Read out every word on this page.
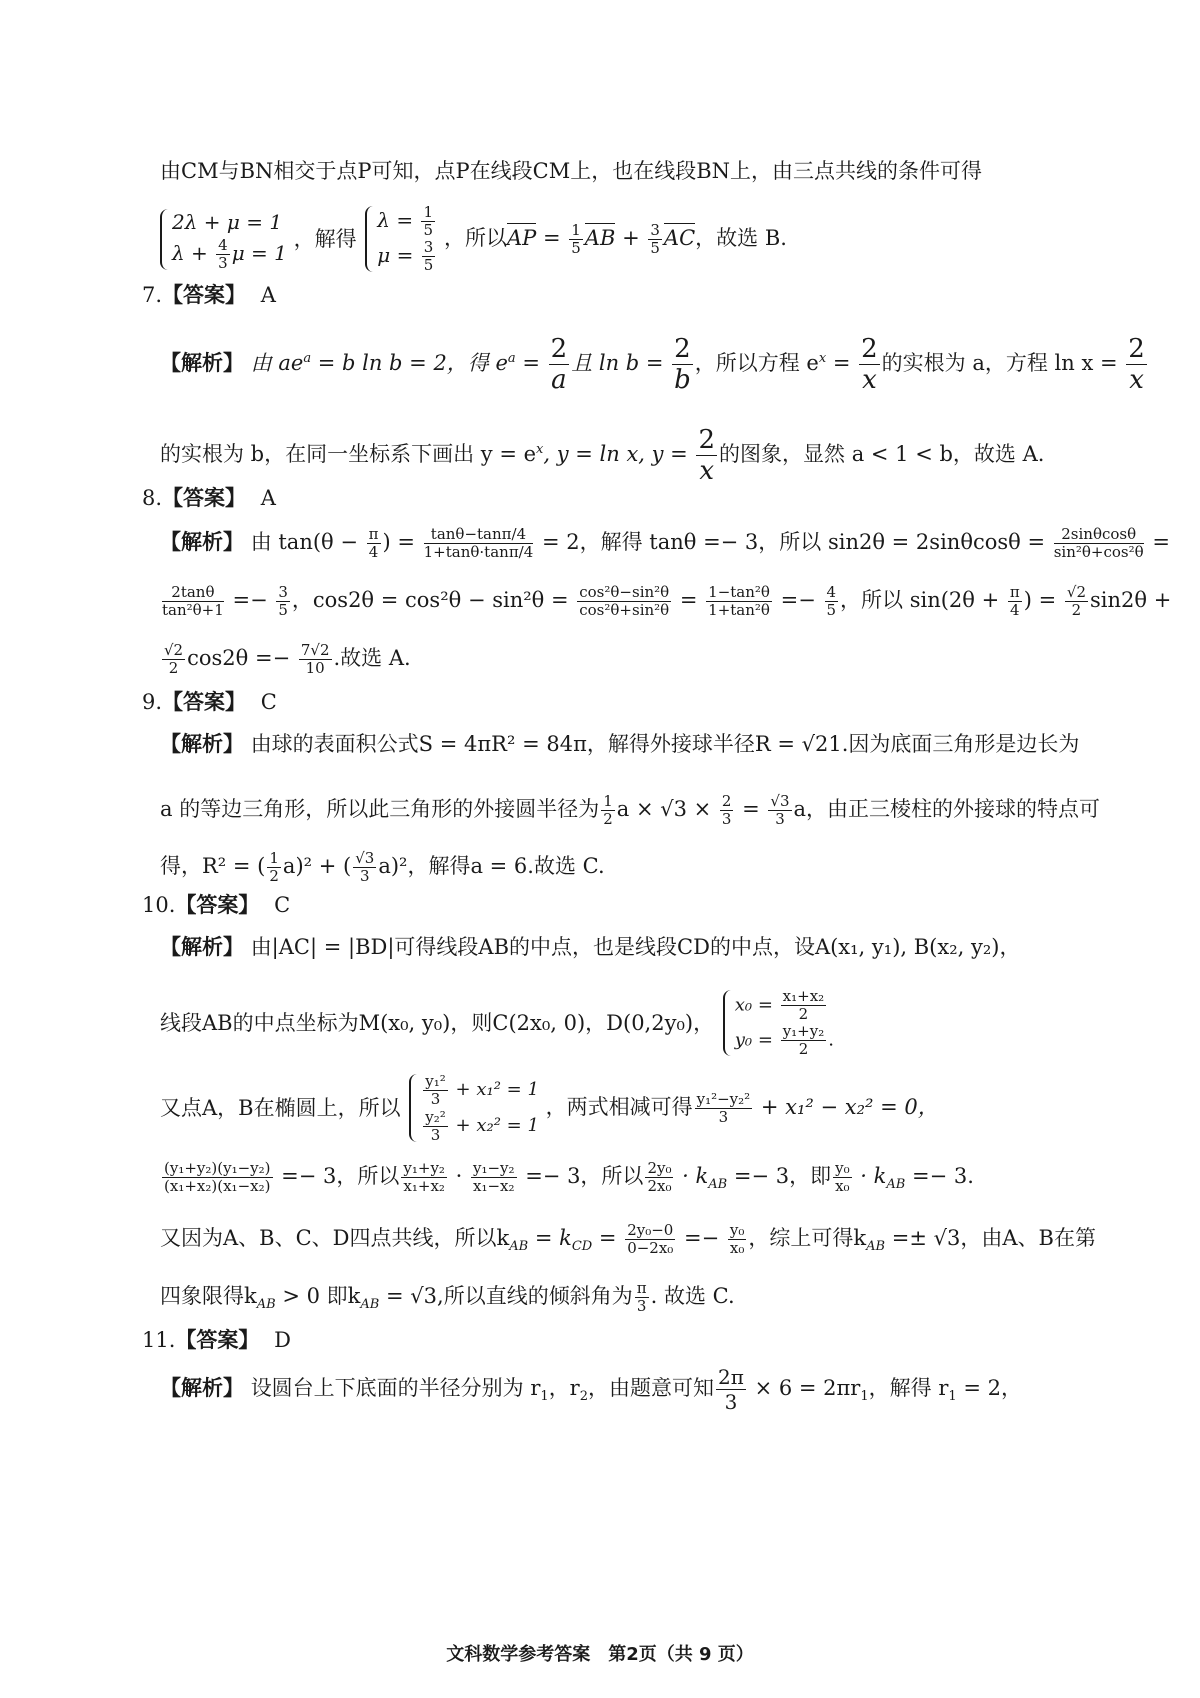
由CM与BN相交于点P可知，点P在线段CM上，也在线段BN上，由三点共线的条件可得
2λ + μ = 1
$\lambda + \frac{4}{3}$ μ = 1
，解得
$\lambda = \frac{1}{5}$
$\mu = \frac{3}{5}$
，所以AP = $\frac{1}{5}$ AB + $\frac{3}{5}$ AC，故选 B.
7.【答案】 A
【解析】 由 $ae^a = b$ ln b = 2，得 $e^a = \frac{2}{a}$且 $\ln b = \frac{2}{b}$，所以方程 $e^x = \frac{2}{x}$的实根为 a，方程 $\ln x = \frac{2}{x}$
的实根为 b，在同一坐标系下画出 $y = e^x$, y = ln x, $y = \frac{2}{x}$的图象，显然 a < 1 < b，故选 A.
8.【答案】 A
【解析】 由 $\tan(\theta - \frac{\pi}{4}$ ) = $\frac{\tan\theta-\tan\pi/4}{1+\tan\theta\cdot\tan\pi/4} = 2$，解得 tanθ =− 3，所以 $\sin 2\theta = 2\sin\theta\cos\theta = \frac{2\sin\theta\cos\theta}{\text{sin²θ+cos²θ}}$ =
$\frac{2\tan\theta}{\text{tan²θ+1}} =- \frac{3}{5}$ ，$\cos 2\theta = \cos^2\theta - \sin^2\theta = \frac{\text{cos²θ−sin²θ}}{\text{cos²θ+sin²θ}} = \frac{\text{1−tan²θ}}{\text{1+tan²θ}} =- \frac{4}{5}$ ，所以 $\sin(2\theta + \frac{\pi}{4}$ ) = $\frac{√2}{2} \sin 2\theta$ +
$\frac{√2}{2} \cos 2\theta =- \frac{7√2}{10}$ .故选 A.
9.【答案】 C
【解析】 由球的表面积公式S = 4πR² = 84π，解得外接球半径R = √21.因为底面三角形是边长为
a 的等边三角形，所以此三角形的外接圆半径为 $\frac{1}{2}$ $a \times √3 \times \frac{2}{3} = \frac{√3}{3}$ a，由正三棱柱的外接球的特点可
得，R² = ( $\frac{1}{2} a)^2$ + ( $\frac{√3}{3} a)^2$，解得a = 6.故选 C.
10.【答案】 C
【解析】 由|AC| = |BD|可得线段AB的中点，也是线段CD的中点，设A(x₁, y₁), B(x₂, y₂)，
线段AB的中点坐标为M(x₀, y₀)，则C(2x₀, 0)，D(0,2y₀)，
$x_0 = \frac{\text{x₁+x₂}}{2}$
$y_0 = \frac{\text{y₁+y₂}}{2}$ .
又点A，B在椭圆上，所以
$\frac{\text{y₁²}}{3} + x_1^2 = 1$
$\frac{\text{y₂²}}{3} + x_2^2 = 1$
，两式相减可得 $\frac{\text{y₁²−y₂²}}{3} + x_1^2 - x_2^2 = 0$，
$\frac{\text{(y₁+y₂)(y₁−y₂)}}{\text{(x₁+x₂)(x₁−x₂)}} =- 3$，所以 $\frac{\text{y₁+y₂}}{\text{x₁+x₂}} \cdot \frac{\text{y₁−y₂}}{\text{x₁−x₂}} =- 3$，所以 $\frac{\text{2y₀}}{\text{2x₀}} \cdot k_{AB} =- 3$，即 $\frac{\text{y₀}}{\text{x₀}} \cdot k_{AB} =- 3$.
又因为A、B、C、D四点共线，所以$k_{AB} = k_{CD} = \frac{\text{2y₀−0}}{\text{0−2x₀}} =- \frac{\text{y₀}}{\text{x₀}}$ ，综上可得$k_{AB} =\pm √3$，由A、B在第
四象限得$k_{AB} > 0$ 即$k_{AB} = √3$,所以直线的倾斜角为 $\frac{\pi}{3}$ . 故选 C.
11.【答案】 D
【解析】 设圆台上下底面的半径分别为 $r_1$，$r_2$，由题意可知 $\frac{2\pi}{3} \times 6 = 2\pi r_1$，解得 $r_1 = 2$，
文科数学参考答案　第2页（共 9 页）
